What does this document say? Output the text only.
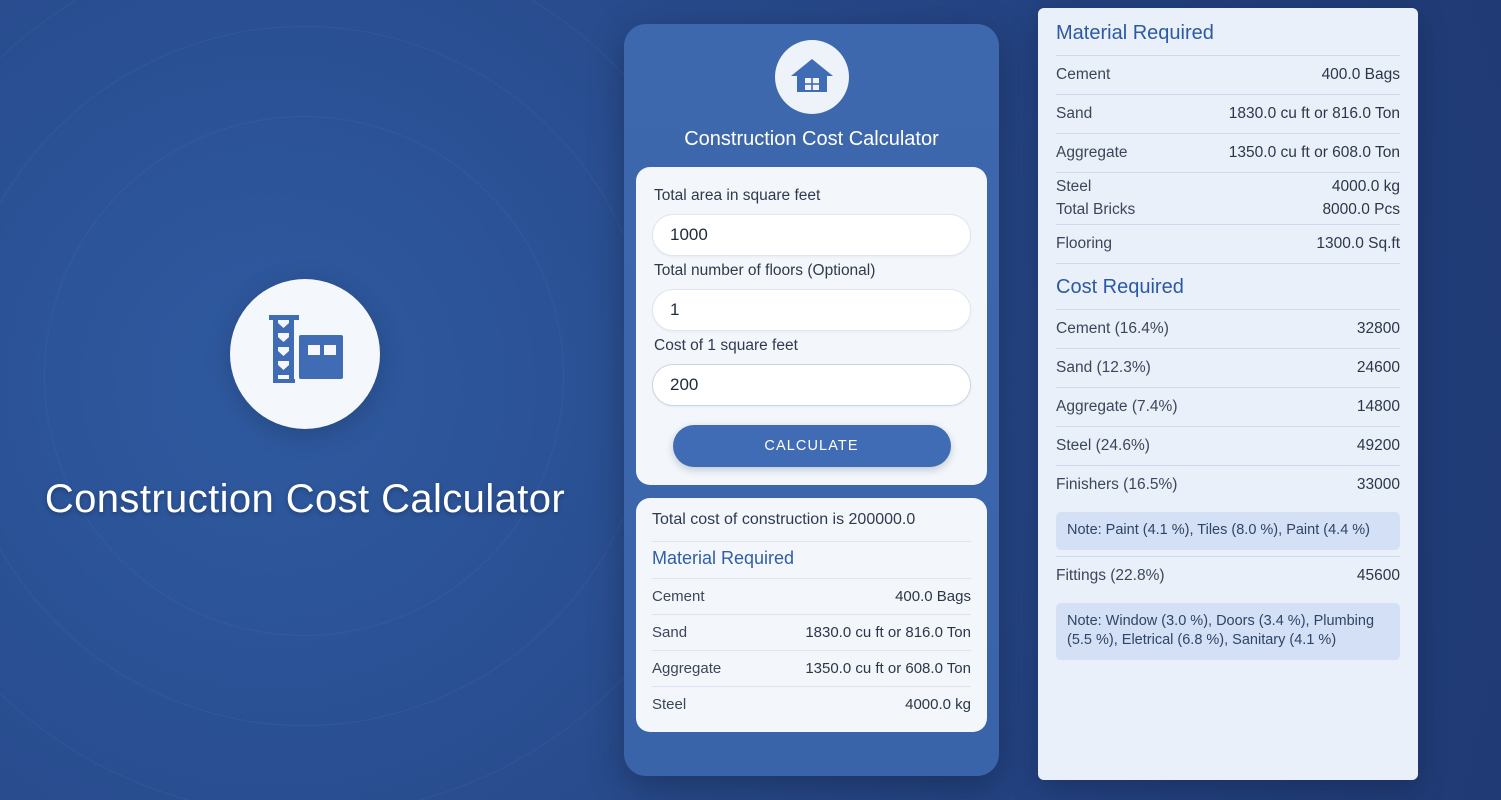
Construction Cost Calculator
Construction Cost Calculator
Total area in square feet
1000
Total number of floors (Optional)
1
Cost of 1 square feet
200
CALCULATE
Total cost of construction is 200000.0
Material Required
Cement	400.0 Bags
Sand	1830.0 cu ft or 816.0 Ton
Aggregate	1350.0 cu ft or 608.0 Ton
Steel	4000.0 kg
Material Required
Cement	400.0 Bags
Sand	1830.0 cu ft or 816.0 Ton
Aggregate	1350.0 cu ft or 608.0 Ton
Steel	4000.0 kg
Total Bricks	8000.0 Pcs
Flooring	1300.0 Sq.ft
Cost Required
Cement (16.4%)	32800
Sand (12.3%)	24600
Aggregate (7.4%)	14800
Steel (24.6%)	49200
Finishers (16.5%)	33000
Note: Paint (4.1 %), Tiles (8.0 %), Paint (4.4 %)
Fittings (22.8%)	45600
Note: Window (3.0 %), Doors (3.4 %), Plumbing (5.5 %), Eletrical (6.8 %), Sanitary (4.1 %)
